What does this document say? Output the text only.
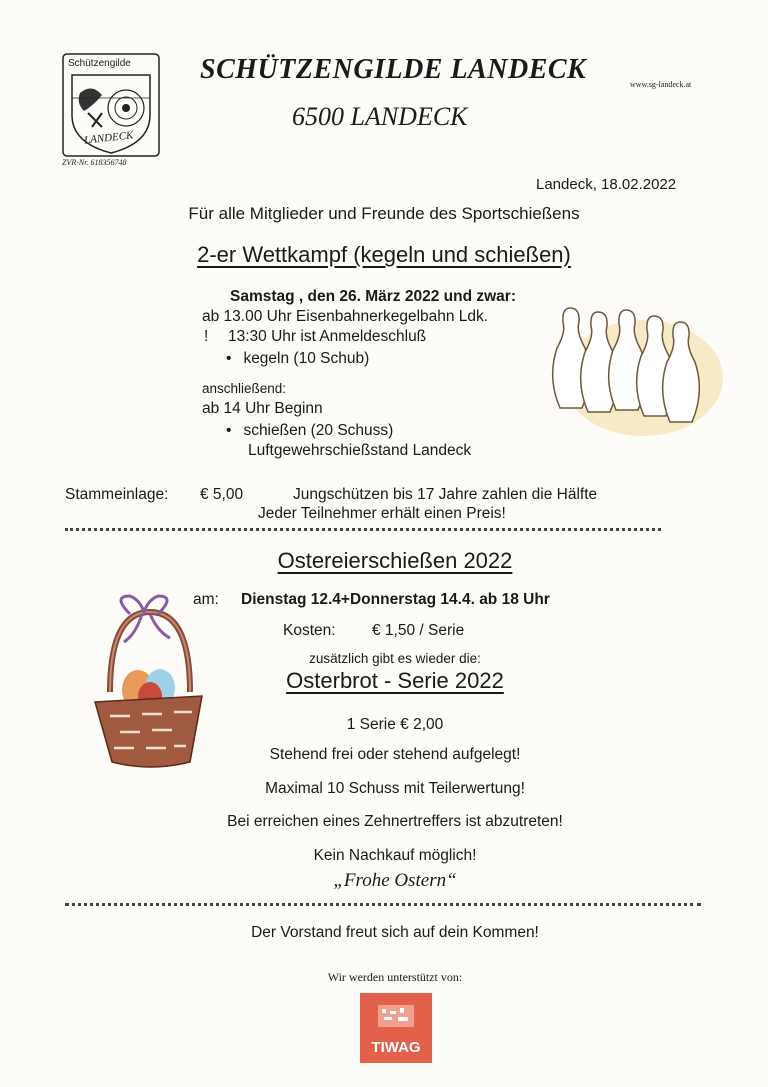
Schützengilde
LANDECK
ZVR-Nr. 618356748
SCHÜTZENGILDE LANDECK	www.sg-landeck.at
6500 LANDECK
Landeck, 18.02.2022
Für alle Mitglieder und Freunde des Sportschießens
2-er Wettkampf (kegeln und schießen)
Samstag , den 26. März 2022 und zwar:
ab 13.00 Uhr Eisenbahnerkegelbahn Ldk.
! 13:30 Uhr ist Anmeldeschluß
• kegeln (10 Schub)
anschließend:
ab 14 Uhr Beginn
• schießen (20 Schuss)
Luftgewehrschießstand Landeck
Stammeinlage: € 5,00	Jungschützen bis 17 Jahre zahlen die Hälfte
Jeder Teilnehmer erhält einen Preis!
Ostereierschießen 2022
am: Dienstag 12.4+Donnerstag 14.4. ab 18 Uhr
Kosten: € 1,50 / Serie
zusätzlich gibt es wieder die:
Osterbrot - Serie 2022
1 Serie € 2,00
Stehend frei oder stehend aufgelegt!
Maximal 10 Schuss mit Teilerwertung!
Bei erreichen eines Zehnertreffers ist abzutreten!
Kein Nachkauf möglich!
„Frohe Ostern“
Der Vorstand freut sich auf dein Kommen!
Wir werden unterstützt von:
TIWAG
